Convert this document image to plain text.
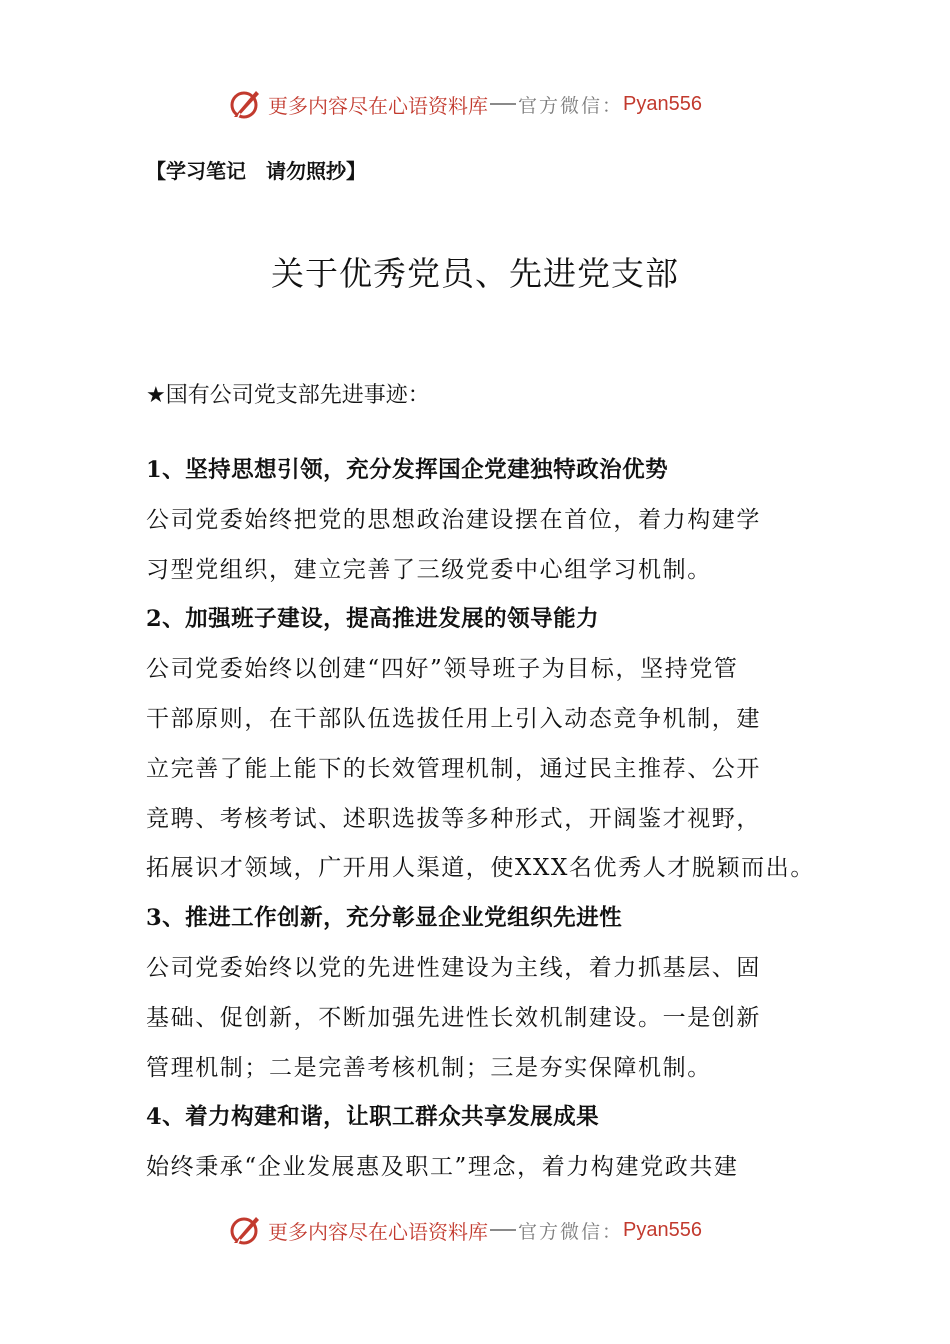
更多内容尽在心语资料库 官方微信： Pyan556
【学习笔记　请勿照抄】
关于优秀党员、先进党支部
★国有公司党支部先进事迹：
1、坚持思想引领，充分发挥国企党建独特政治优势
公司党委始终把党的思想政治建设摆在首位，着力构建学
习型党组织，建立完善了三级党委中心组学习机制。
2、加强班子建设，提高推进发展的领导能力
公司党委始终以创建“四好”领导班子为目标，坚持党管
干部原则，在干部队伍选拔任用上引入动态竞争机制，建
立完善了能上能下的长效管理机制，通过民主推荐、公开
竞聘、考核考试、述职选拔等多种形式，开阔鉴才视野，
拓展识才领域，广开用人渠道，使XXX名优秀人才脱颖而出。
3、推进工作创新，充分彰显企业党组织先进性
公司党委始终以党的先进性建设为主线，着力抓基层、固
基础、促创新，不断加强先进性长效机制建设。一是创新
管理机制；二是完善考核机制；三是夯实保障机制。
4、着力构建和谐，让职工群众共享发展成果
始终秉承“企业发展惠及职工”理念，着力构建党政共建
更多内容尽在心语资料库 官方微信： Pyan556
